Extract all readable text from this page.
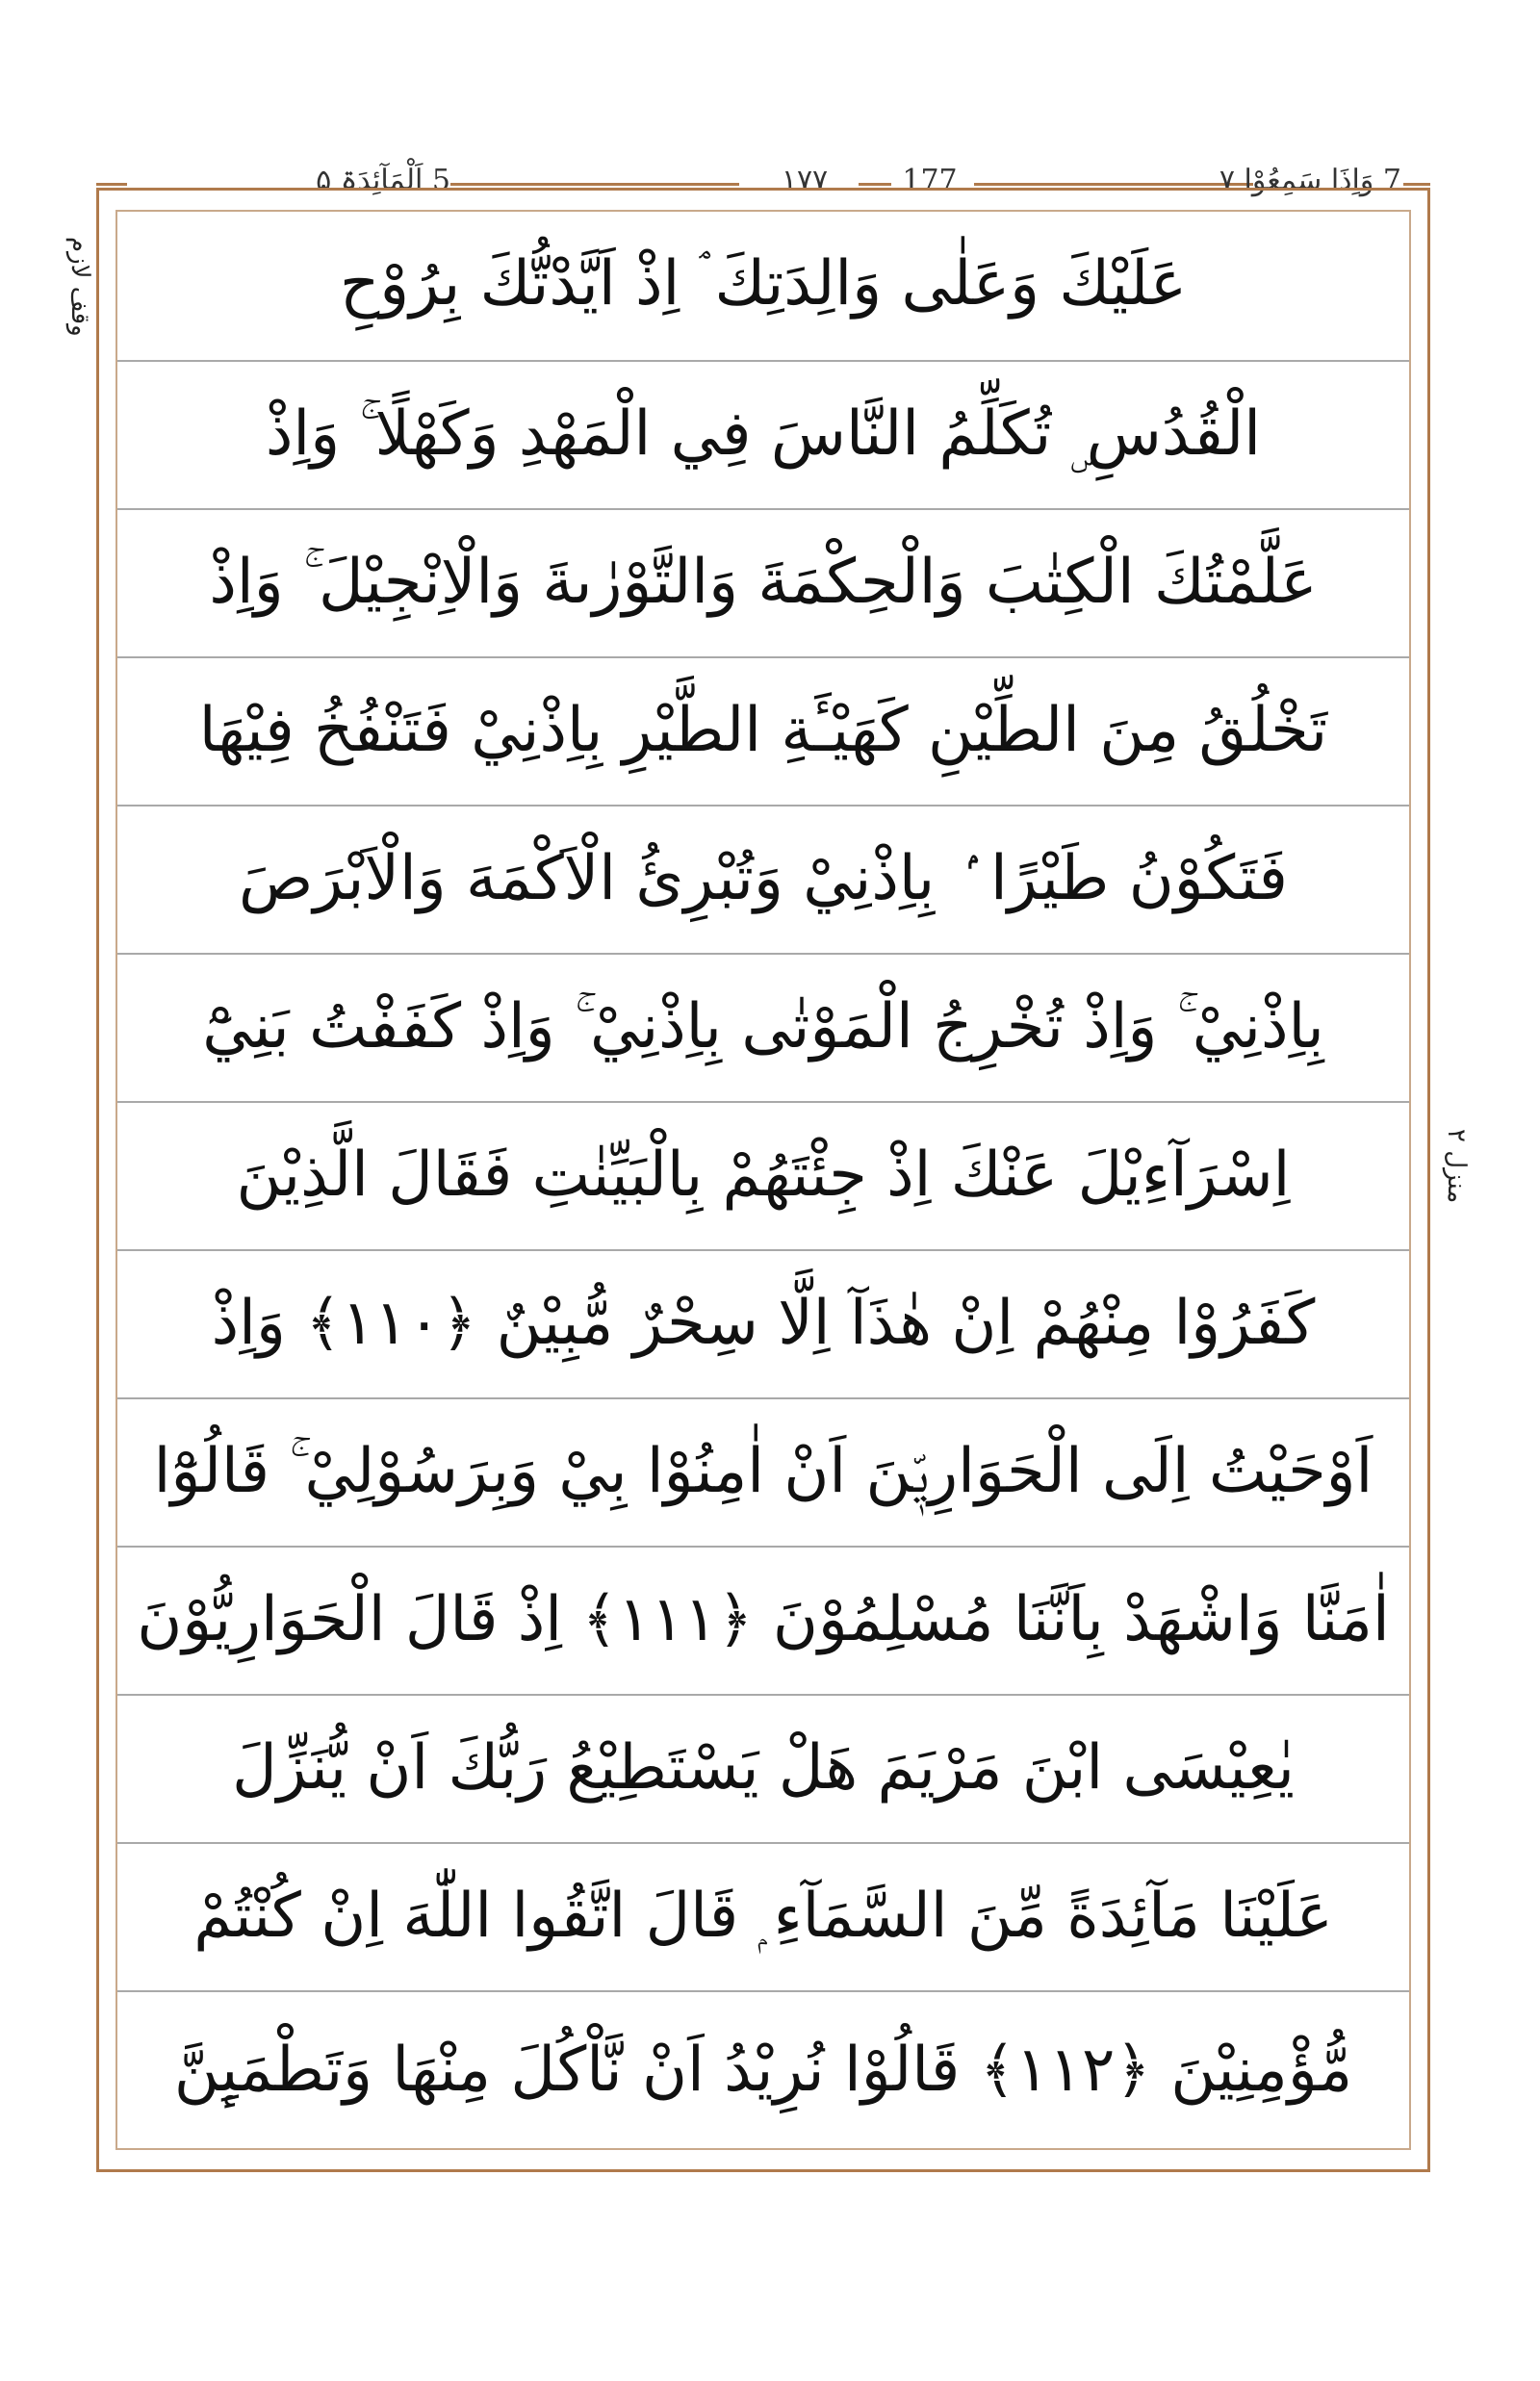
5 اَلْمَآئِدَۃ ۵	۱۷۷	177	7 وَاِذَا سَمِعُوْا ۷
وقف لازم
منزل ۲
عَلَيْكَ وَعَلٰى وَالِدَتِكَ ۘ اِذْ اَيَّدْتُّكَ بِرُوْحِ
الْقُدُسِ ۣ تُكَلِّمُ النَّاسَ فِي الْمَهْدِ وَكَهْلًا ۚ وَاِذْ
عَلَّمْتُكَ الْكِتٰبَ وَالْحِكْمَةَ وَالتَّوْرٰىةَ وَالْاِنْجِيْلَ ۚ وَاِذْ
تَخْلُقُ مِنَ الطِّيْنِ كَهَيْـَٔةِ الطَّيْرِ بِاِذْنِيْ فَتَنْفُخُ فِيْهَا
فَتَكُوْنُ طَيْرًا ۢ بِاِذْنِيْ وَتُبْرِئُ الْاَكْمَهَ وَالْاَبْرَصَ
بِاِذْنِيْ ۚ وَاِذْ تُخْرِجُ الْمَوْتٰى بِاِذْنِيْ ۚ وَاِذْ كَفَفْتُ بَنِيْٓ
اِسْرَآءِيْلَ عَنْكَ اِذْ جِئْتَهُمْ بِالْبَيِّنٰتِ فَقَالَ الَّذِيْنَ
كَفَرُوْا مِنْهُمْ اِنْ هٰذَآ اِلَّا سِحْرٌ مُّبِيْنٌ ﴿١١٠﴾ وَاِذْ
اَوْحَيْتُ اِلَى الْحَوَارِيّٖنَ اَنْ اٰمِنُوْا بِيْ وَبِرَسُوْلِيْ ۚ قَالُوْٓا
اٰمَنَّا وَاشْهَدْ بِاَنَّنَا مُسْلِمُوْنَ ﴿١١١﴾ اِذْ قَالَ الْحَوَارِيُّوْنَ
يٰعِيْسَى ابْنَ مَرْيَمَ هَلْ يَسْتَطِيْعُ رَبُّكَ اَنْ يُّنَزِّلَ
عَلَيْنَا مَآئِدَةً مِّنَ السَّمَآءِ ۭ قَالَ اتَّقُوا اللّٰهَ اِنْ كُنْتُمْ
مُّؤْمِنِيْنَ ﴿١١٢﴾ قَالُوْا نُرِيْدُ اَنْ نَّاْكُلَ مِنْهَا وَتَطْمَىِٕنَّ
